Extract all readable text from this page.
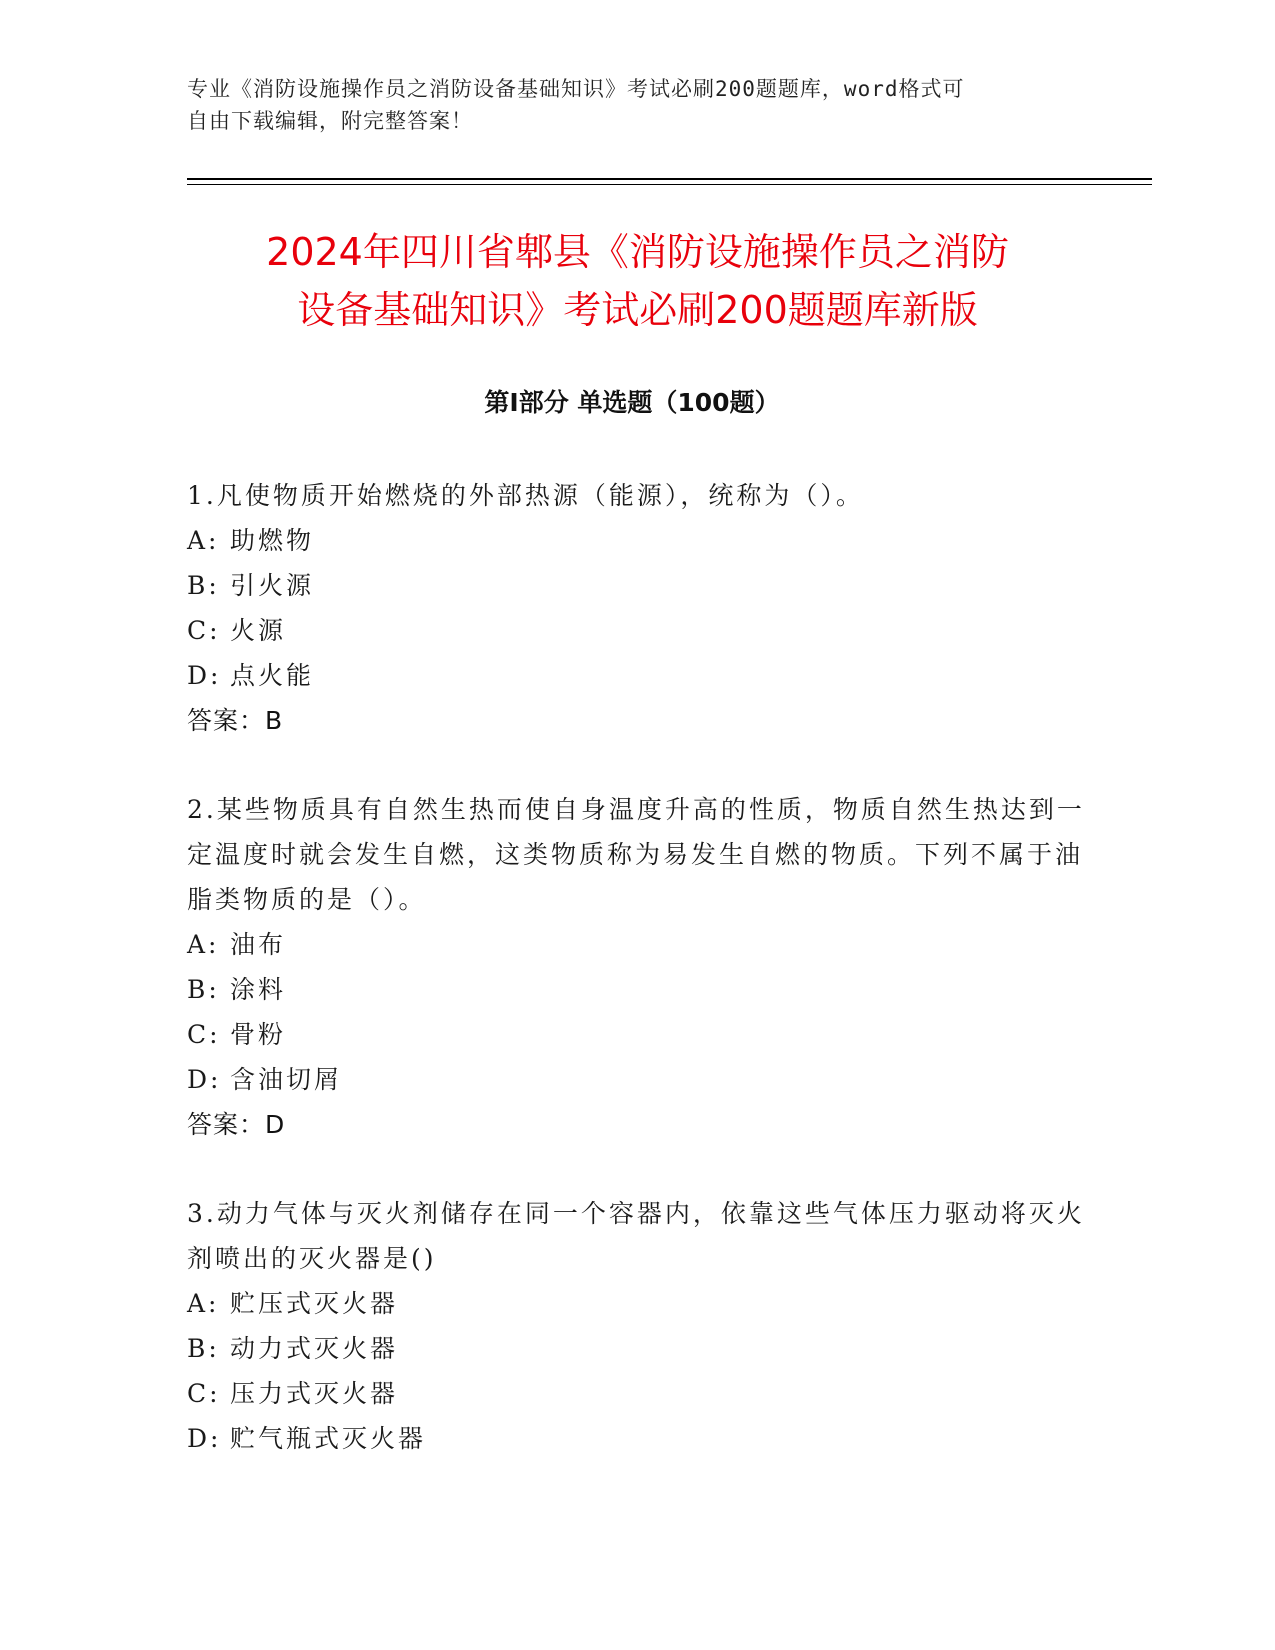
专业《消防设施操作员之消防设备基础知识》考试必刷200题题库，word格式可
自由下载编辑，附完整答案！
2024年四川省郫县《消防设施操作员之消防
设备基础知识》考试必刷200题题库新版
第Ⅰ部分 单选题（100题）
1.凡使物质开始燃烧的外部热源（能源），统称为（）。
A: 助燃物
B: 引火源
C: 火源
D: 点火能
答案：B
2.某些物质具有自然生热而使自身温度升高的性质，物质自然生热达到一定温度时就会发生自燃，这类物质称为易发生自燃的物质。下列不属于油脂类物质的是（）。
A: 油布
B: 涂料
C: 骨粉
D: 含油切屑
答案：D
3.动力气体与灭火剂储存在同一个容器内，依靠这些气体压力驱动将灭火剂喷出的灭火器是()
A: 贮压式灭火器
B: 动力式灭火器
C: 压力式灭火器
D: 贮气瓶式灭火器
